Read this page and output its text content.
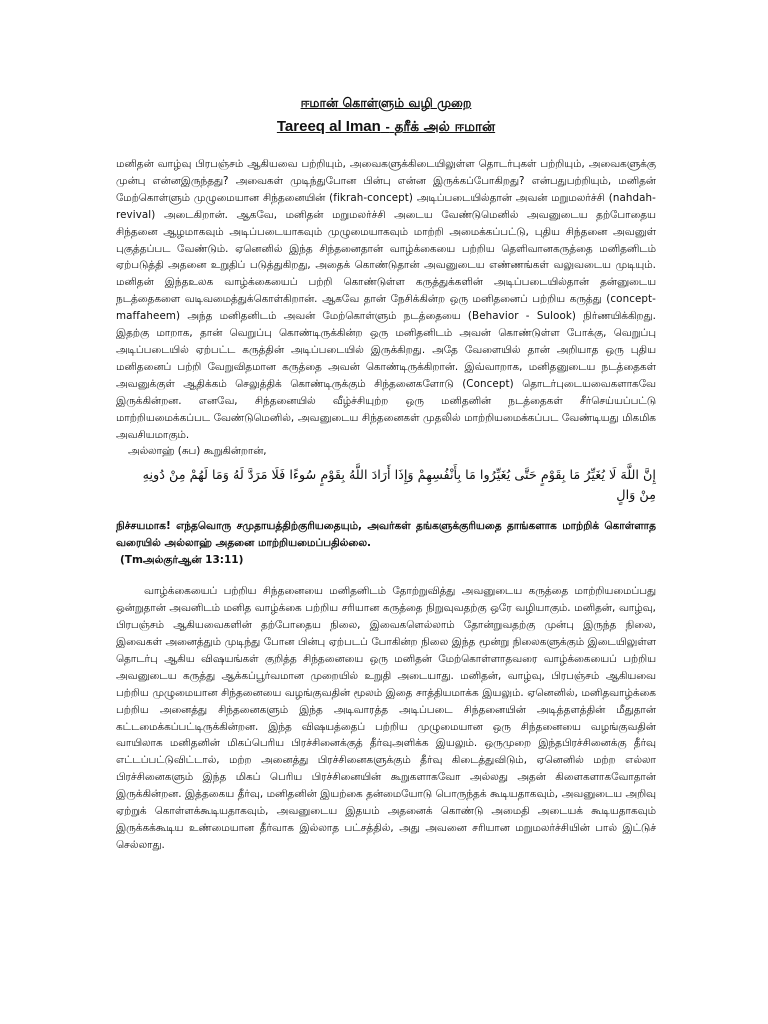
ஈமான் கொள்ளும் வழி முறை
Tareeq al Iman - தரீக் அல் ஈமான்

மனிதன் வாழ்வு பிரபஞ்சம் ஆகியவை பற்றியும், அவைகளுக்கிடையிலுள்ள தொடர்புகள் பற்றியும், அவைகளுக்கு முன்பு என்னஇருந்தது? அவைகள் முடிந்துபோன பின்பு என்ன இருக்கப்போகிறது? என்பதுபற்றியும், மனிதன் மேற்கொள்ளும் முழுமையான சிந்தனையின் (fikrah-concept) அடிப்படையில்தான் அவன் மறுமலர்ச்சி (nahdah-revival) அடைகிறான். ஆகவே, மனிதன் மறுமலர்ச்சி அடைய வேண்டுமெனில் அவனுடைய தற்போதைய சிந்தனை ஆழமாகவும் அடிப்படையாகவும் முழுமையாகவும் மாற்றி அமைக்கப்பட்டு, புதிய சிந்தனை அவனுள் புகுத்தப்பட வேண்டும். ஏனெனில் இந்த சிந்தனைதான் வாழ்க்கையை பற்றிய தெளிவானகருத்தை மனிதனிடம் ஏற்படுத்தி அதனை உறுதிப் படுத்துகிறது, அதைக் கொண்டுதான் அவனுடைய எண்ணங்கள் வலுவடைய முடியும். மனிதன் இந்தஉலக வாழ்க்கையைப் பற்றி கொண்டுள்ள கருத்துக்களின் அடிப்படையில்தான் தன்னுடைய நடத்தைகளை வடிவமைத்துக்கொள்கிறான். ஆகவே தான் நேசிக்கின்ற ஒரு மனிதனைப் பற்றிய கருத்து (concept- maffaheem) அந்த மனிதனிடம் அவன் மேற்கொள்ளும் நடத்தையை (Behavior - Sulook) நிர்ணயிக்கிறது. இதற்கு மாறாக, தான் வெறுப்பு கொண்டிருக்கின்ற ஒரு மனிதனிடம் அவன் கொண்டுள்ள போக்கு, வெறுப்பு அடிப்படையில் ஏற்பட்ட கருத்தின் அடிப்படையில் இருக்கிறது. அதே வேளையில் தான் அறியாத ஒரு புதிய மனிதனைப் பற்றி வேறுவிதமான கருத்தை அவன் கொண்டிருக்கிறான். இவ்வாறாக, மனிதனுடைய நடத்தைகள் அவனுக்குள் ஆதிக்கம் செலுத்திக் கொண்டிருக்கும் சிந்தனைகளோடு (Concept) தொடர்புடையவைகளாகவே இருக்கின்றன. எனவே, சிந்தனையில் வீழ்ச்சியுற்ற ஒரு மனிதனின் நடத்தைகள் சீர்செய்யப்பட்டு மாற்றியமைக்கப்பட வேண்டுமெனில், அவனுடைய சிந்தனைகள் முதலில் மாற்றியமைக்கப்பட வேண்டியது மிகமிக அவசியமாகும்.

அல்லாஹ் (சுப) கூறுகின்றான்,

إِنَّ اللَّهَ لَا يُغَيِّرُ مَا بِقَوْمٍ حَتَّى يُغَيِّرُوا مَا بِأَنْفُسِهِمْ وَإِذَا أَرَادَ اللَّهُ بِقَوْمٍ سُوءًا فَلَا مَرَدَّ لَهُ وَمَا لَهُمْ مِنْ دُونِهِ مِنْ وَالٍ

நிச்சயமாக! எந்தவொரு சமுதாயத்திற்குரியதையும், அவர்கள் தங்களுக்குரியதை தாங்களாக மாற்றிக் கொள்ளாத வரையில் அல்லாஹ் அதனை மாற்றியமைப்பதில்லை.
(Tmஅல்குர்ஆன் 13:11)

வாழ்க்கையைப் பற்றிய சிந்தனையை மனிதனிடம் தோற்றுவித்து அவனுடைய கருத்தை மாற்றியமைப்பது ஒன்றுதான் அவனிடம் மனித வாழ்க்கை பற்றிய சரியான கருத்தை நிறுவுவதற்கு ஒரே வழியாகும். மனிதன், வாழ்வு, பிரபஞ்சம் ஆகியவைகளின் தற்போதைய நிலை, இவைகளெல்லாம் தோன்றுவதற்கு முன்பு இருந்த நிலை, இவைகள் அனைத்தும் முடிந்து போன பின்பு ஏற்படப் போகின்ற நிலை இந்த மூன்று நிலைகளுக்கும் இடையிலுள்ள தொடர்பு ஆகிய விஷயங்கள் குறித்த சிந்தனையை ஒரு மனிதன் மேற்கொள்ளாதவரை வாழ்க்கையைப் பற்றிய அவனுடைய கருத்து ஆக்கப்பூர்வமான முறையில் உறுதி அடையாது. மனிதன், வாழ்வு, பிரபஞ்சம் ஆகியவை பற்றிய முழுமையான சிந்தனையை வழங்குவதின் மூலம் இதை சாத்தியமாக்க இயலும். ஏனெனில், மனிதவாழ்க்கை பற்றிய அனைத்து சிந்தனைகளும் இந்த அடிவாரத்த அடிப்படை சிந்தனையின் அடித்தளத்தின் மீதுதான் கட்டமைக்கப்பட்டிருக்கின்றன. இந்த விஷயத்தைப் பற்றிய முழுமையான ஒரு சிந்தனையை வழங்குவதின் வாயிலாக மனிதனின் மிகப்பெரிய பிரச்சினைக்குத் தீர்வுஅளிக்க இயலும். ஒருமுறை இந்தபிரச்சினைக்கு தீர்வு எட்டப்பட்டுவிட்டால், மற்ற அனைத்து பிரச்சினைகளுக்கும் தீர்வு கிடைத்துவிடும், ஏனெனில் மற்ற எல்லா பிரச்சினைகளும் இந்த மிகப் பெரிய பிரச்சினையின் கூறுகளாகவோ அல்லது அதன் கிளைகளாகவோதான் இருக்கின்றன. இத்தகைய தீர்வு, மனிதனின் இயற்கை தன்மையோடு பொருந்தக் கூடியதாகவும், அவனுடைய அறிவு ஏற்றுக் கொள்ளக்கூடியதாகவும், அவனுடைய இதயம் அதனைக் கொண்டு அமைதி அடையக் கூடியதாகவும் இருக்கக்கூடிய உண்மையான தீர்வாக இல்லாத பட்சத்தில், அது அவனை சரியான மறுமலர்ச்சியின் பால் இட்டுச் செல்லாது.
